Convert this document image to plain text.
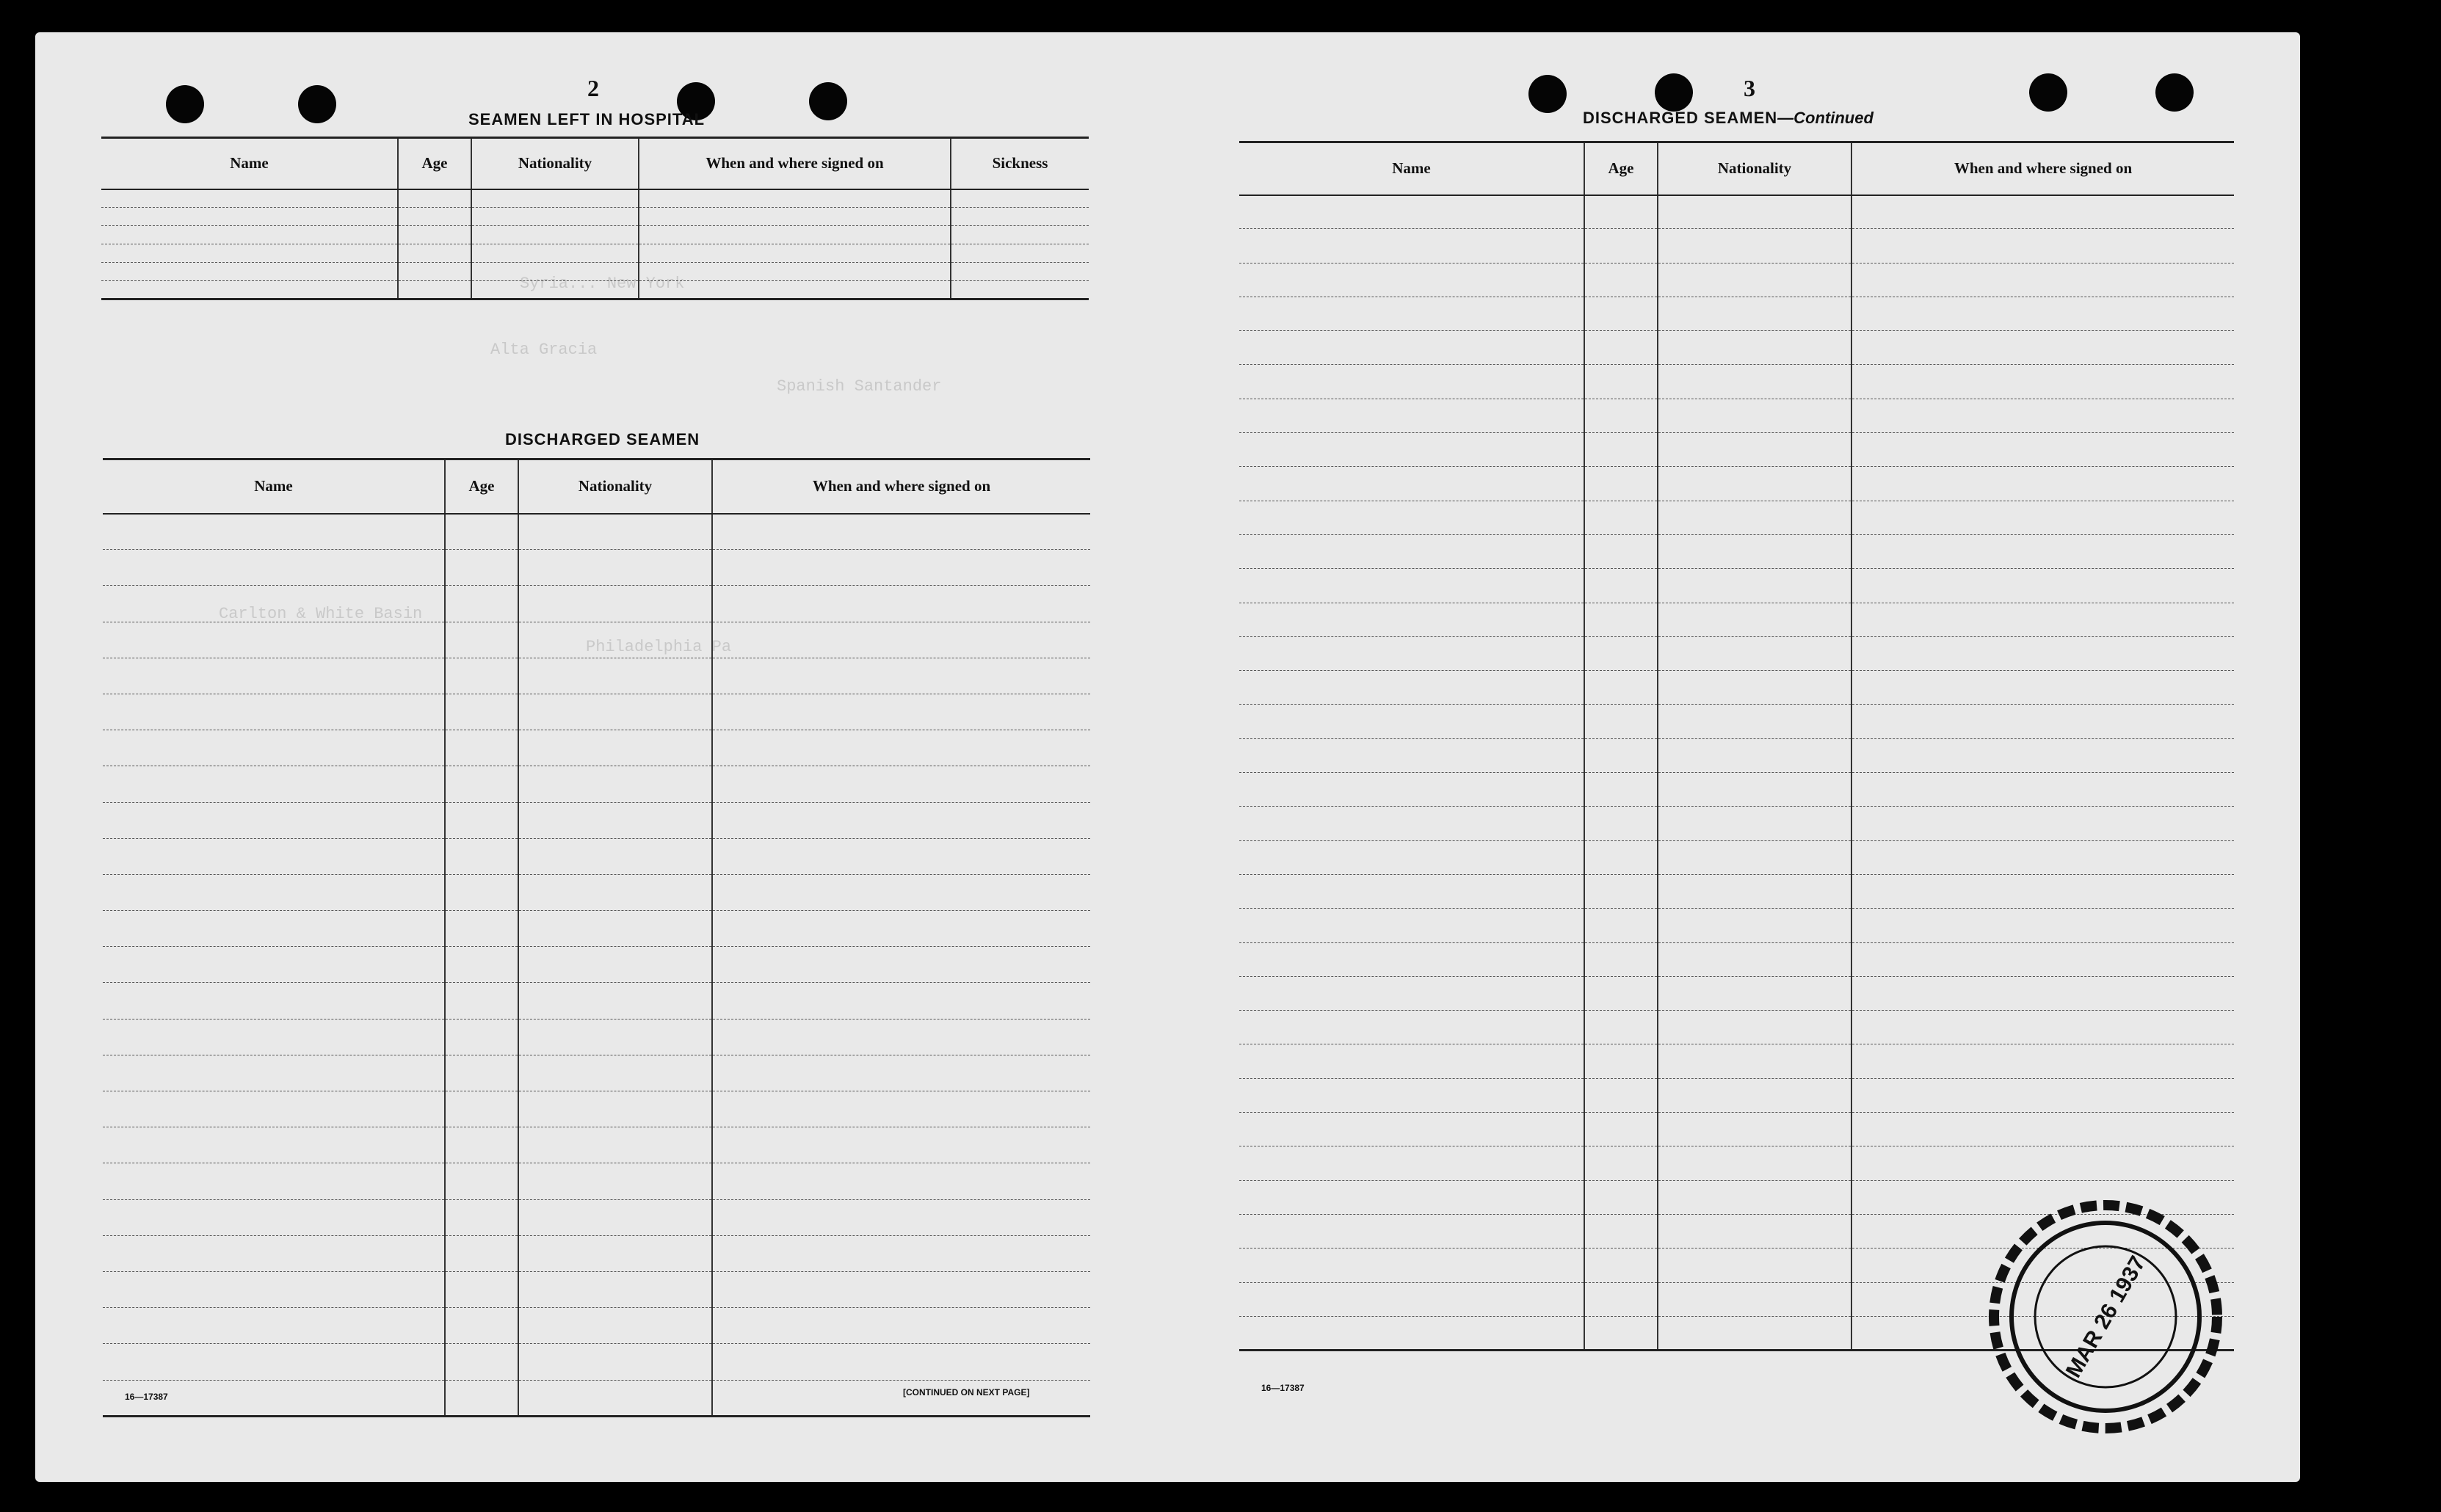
Syria... New York
Alta Gracia
Spanish Santander
Carlton & White Basin
Philadelphia Pa
2
SEAMEN LEFT IN HOSPITAL
Name	Age	Nationality	When and where signed on	Sickness

DISCHARGED SEAMEN
Name	Age	Nationality	When and where signed on

16—17387	[CONTINUED ON NEXT PAGE]
3
DISCHARGED SEAMEN—Continued
Name	Age	Nationality	When and where signed on

16—17387
MAR 26 1937
